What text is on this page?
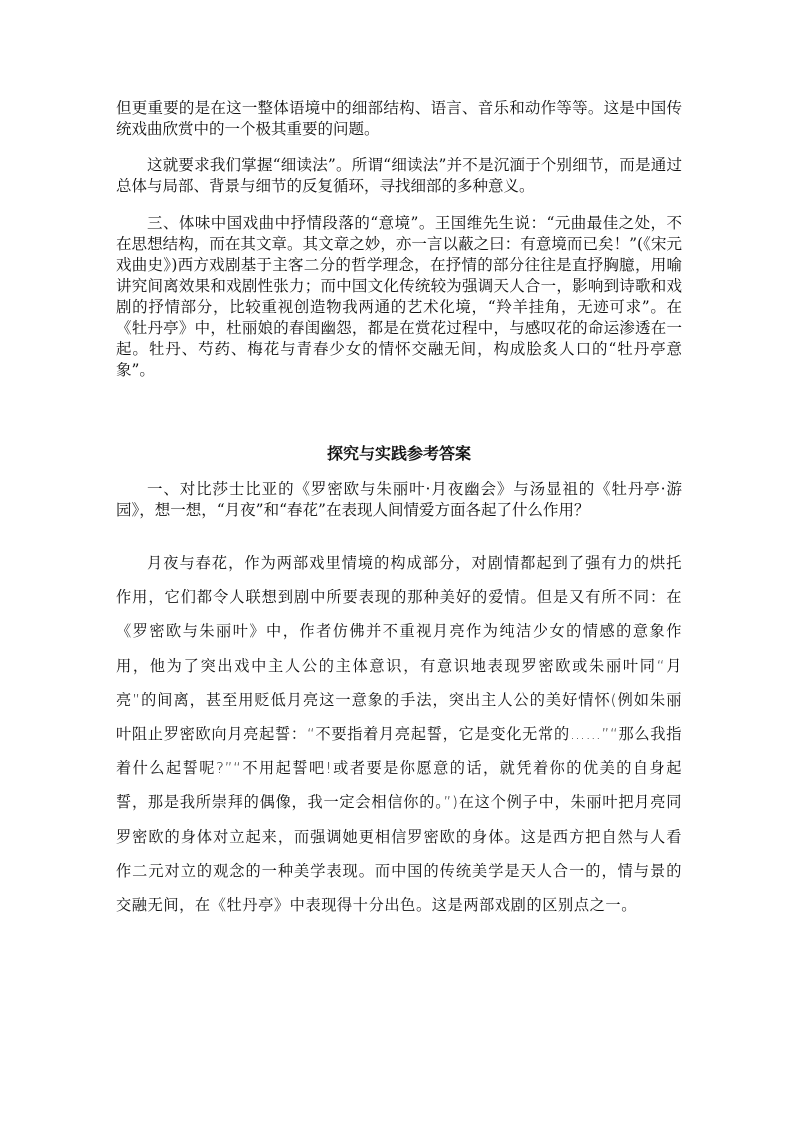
但更重要的是在这一整体语境中的细部结构、语言、音乐和动作等等。这是中国传统戏曲欣赏中的一个极其重要的问题。

这就要求我们掌握“细读法”。所谓“细读法”并不是沉湎于个别细节，而是通过总体与局部、背景与细节的反复循环，寻找细部的多种意义。

三、体味中国戏曲中抒情段落的“意境”。王国维先生说：“元曲最佳之处，不在思想结构，而在其文章。其文章之妙，亦一言以蔽之曰：有意境而已矣！”(《宋元戏曲史》)西方戏剧基于主客二分的哲学理念，在抒情的部分往往是直抒胸臆，用喻讲究间离效果和戏剧性张力；而中国文化传统较为强调天人合一，影响到诗歌和戏剧的抒情部分，比较重视创造物我两通的艺术化境，“羚羊挂角，无迹可求”。在《牡丹亭》中，杜丽娘的春闺幽怨，都是在赏花过程中，与感叹花的命运渗透在一起。牡丹、芍药、梅花与青春少女的情怀交融无间，构成脍炙人口的“牡丹亭意象”。

探究与实践参考答案

一、对比莎士比亚的《罗密欧与朱丽叶·月夜幽会》与汤显祖的《牡丹亭·游园》，想一想，“月夜”和“春花”在表现人间情爱方面各起了什么作用？

月夜与春花，作为两部戏里情境的构成部分，对剧情都起到了强有力的烘托作用，它们都令人联想到剧中所要表现的那种美好的爱情。但是又有所不同：在《罗密欧与朱丽叶》中，作者仿佛并不重视月亮作为纯洁少女的情感的意象作用，他为了突出戏中主人公的主体意识，有意识地表现罗密欧或朱丽叶同“月亮”的间离，甚至用贬低月亮这一意象的手法，突出主人公的美好情怀(例如朱丽叶阻止罗密欧向月亮起誓：“不要指着月亮起誓，它是变化无常的……”“那么我指着什么起誓呢?”“不用起誓吧!或者要是你愿意的话，就凭着你的优美的自身起誓，那是我所崇拜的偶像，我一定会相信你的。”)在这个例子中，朱丽叶把月亮同罗密欧的身体对立起来，而强调她更相信罗密欧的身体。这是西方把自然与人看作二元对立的观念的一种美学表现。而中国的传统美学是天人合一的，情与景的交融无间，在《牡丹亭》中表现得十分出色。这是两部戏剧的区别点之一。
